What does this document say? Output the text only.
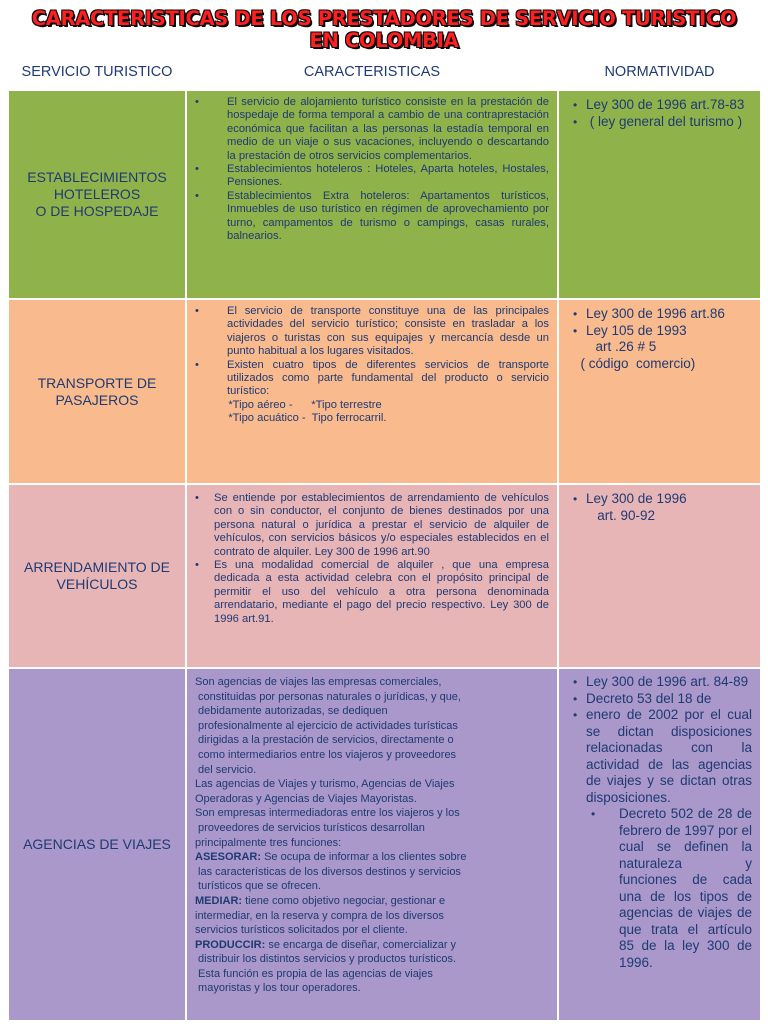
CARACTERISTICAS DE LOS PRESTADORES DE SERVICIO TURISTICO
EN COLOMBIA
SERVICIO TURISTICO	CARACTERISTICAS	NORMATIVIDAD
ESTABLECIMIENTOS
HOTELEROS
O DE HOSPEDAJE
• El servicio de alojamiento turístico consiste en la prestación de hospedaje de forma temporal a cambio de una contraprestación económica que facilitan a las personas la estadía temporal en medio de un viaje o sus vacaciones, incluyendo o descartando la prestación de otros servicios complementarios.
• Establecimientos hoteleros : Hoteles, Aparta hoteles, Hostales, Pensiones.
• Establecimientos Extra hoteleros: Apartamentos turísticos, Inmuebles de uso turístico en régimen de aprovechamiento por turno, campamentos de turismo o campings, casas rurales, balnearios.
• Ley 300 de 1996 art.78-83
•  ( ley general del turismo )
TRANSPORTE DE
PASAJEROS
• El servicio de transporte constituye una de las principales actividades del servicio turístico; consiste en trasladar a los viajeros o turistas con sus equipajes y mercancía desde un punto habitual a los lugares visitados.
• Existen cuatro tipos de diferentes servicios de transporte utilizados como parte fundamental del producto o servicio turístico:
*Tipo aéreo -      *Tipo terrestre
*Tipo acuático -  Tipo ferrocarril.
• Ley 300 de 1996 art.86
• Ley 105 de 1993
art .26 # 5
( código  comercio)
ARRENDAMIENTO DE
VEHÍCULOS
• Se entiende por establecimientos de arrendamiento de vehículos con o sin conductor, el conjunto de bienes destinados por una persona natural o jurídica a prestar el servicio de alquiler de vehículos, con servicios básicos y/o especiales establecidos en el contrato de alquiler. Ley 300 de 1996 art.90
• Es una modalidad comercial de alquiler , que una empresa dedicada a esta actividad celebra con el propósito principal de permitir el uso del vehículo a otra persona denominada arrendatario, mediante el pago del precio respectivo. Ley 300 de 1996 art.91.
• Ley 300 de 1996
art. 90-92
AGENCIAS DE VIAJES

Son agencias de viajes las empresas comerciales,

constituidas por personas naturales o jurídicas, y que,

debidamente autorizadas, se dediquen

profesionalmente al ejercicio de actividades turísticas

dirigidas a la prestación de servicios, directamente o

como intermediarios entre los viajeros y proveedores

del servicio.

Las agencias de Viajes y turismo, Agencias de Viajes

Operadoras y Agencias de Viajes Mayoristas.

Son empresas intermediadoras entre los viajeros y los

proveedores de servicios turísticos desarrollan

principalmente tres funciones:

ASESORAR: Se ocupa de informar a los clientes sobre

las características de los diversos destinos y servicios

turísticos que se ofrecen.

MEDIAR: tiene como objetivo negociar, gestionar e

intermediar, en la reserva y compra de los diversos

servicios turísticos solicitados por el cliente.

PRODUCCIR: se encarga de diseñar, comercializar y

distribuir los distintos servicios y productos turísticos.

Esta función es propia de las agencias de viajes

mayoristas y los tour operadores.

• Ley 300 de 1996 art. 84-89
• Decreto 53 del 18 de
• enero de 2002 por el cual se dictan disposiciones relacionadas con la actividad de las agencias de viajes y se dictan otras disposiciones.
• Decreto 502 de 28 de febrero de 1997 por el cual se definen la naturaleza y funciones de cada una de los tipos de agencias de viajes de que trata el artículo 85 de la ley 300 de 1996.
